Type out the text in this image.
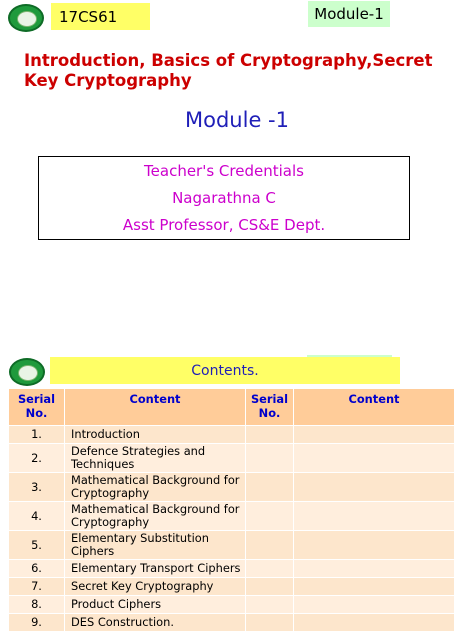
17CS61	Module-1
Introduction, Basics of Cryptography,Secret Key Cryptography
Module -1
Teacher's Credentials
Nagarathna C
Asst Professor, CS&E Dept.
Contents.
Serial No.	Content	Serial No.	Content
1.	Introduction		
2.	Defence Strategies and Techniques		
3.	Mathematical Background for Cryptography		
4.	Mathematical Background for Cryptography		
5.	Elementary Substitution Ciphers		
6.	Elementary Transport Ciphers		
7.	Secret Key Cryptography		
8.	Product Ciphers		
9.	DES Construction.		
